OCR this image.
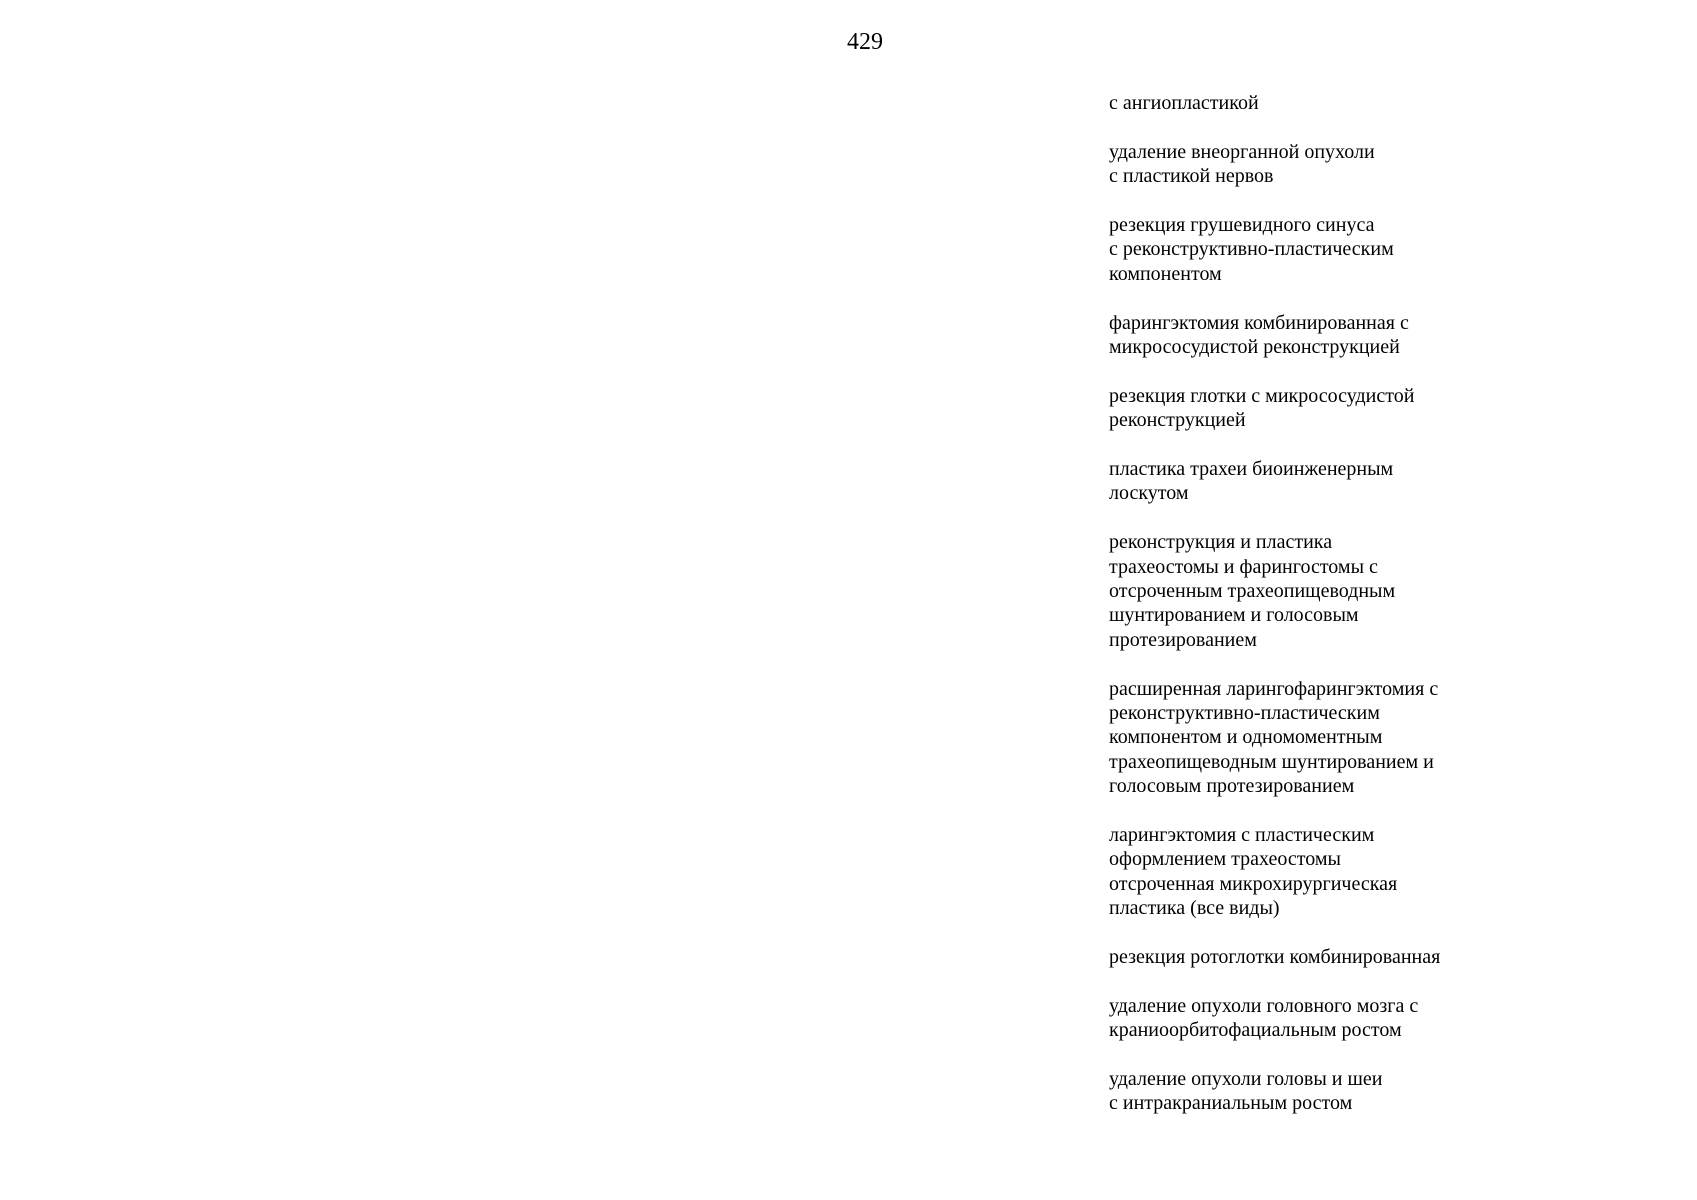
429
с ангиопластикой
удаление внеорганной опухоли
с пластикой нервов
резекция грушевидного синуса
с реконструктивно-пластическим
компонентом
фарингэктомия комбинированная с
микрососудистой реконструкцией
резекция глотки с микрососудистой
реконструкцией
пластика трахеи биоинженерным
лоскутом
реконструкция и пластика
трахеостомы и фарингостомы с
отсроченным трахеопищеводным
шунтированием и голосовым
протезированием
расширенная ларингофарингэктомия с
реконструктивно-пластическим
компонентом и одномоментным
трахеопищеводным шунтированием и
голосовым протезированием
ларингэктомия с пластическим
оформлением трахеостомы
отсроченная микрохирургическая
пластика (все виды)
резекция ротоглотки комбинированная
удаление опухоли головного мозга с
краниоорбитофациальным ростом
удаление опухоли головы и шеи
с интракраниальным ростом
